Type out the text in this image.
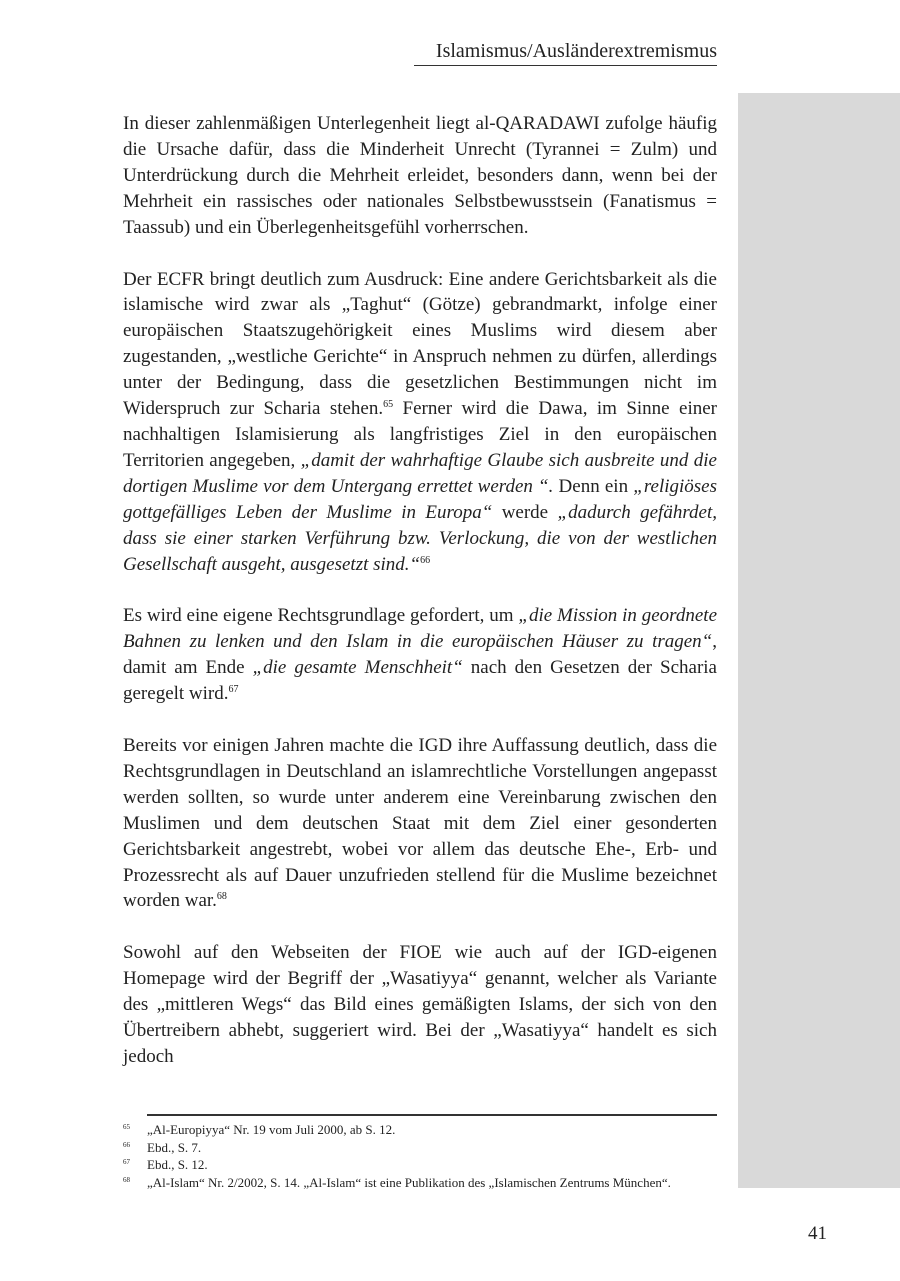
Islamismus/Ausländerextremismus

In dieser zahlenmäßigen Unterlegenheit liegt al-QARADAWI zufolge häufig die Ursache dafür, dass die Minderheit Unrecht (Tyrannei = Zulm) und Unterdrückung durch die Mehrheit erleidet, besonders dann, wenn bei der Mehrheit ein rassisches oder nationales Selbstbewusstsein (Fanatismus = Taassub) und ein Überlegenheitsgefühl vorherrschen.

Der ECFR bringt deutlich zum Ausdruck: Eine andere Gerichtsbarkeit als die islamische wird zwar als „Taghut“ (Götze) gebrandmarkt, infolge einer europäischen Staatszugehörigkeit eines Muslims wird diesem aber zugestanden, „westliche Gerichte“ in Anspruch nehmen zu dürfen, allerdings unter der Bedingung, dass die gesetzlichen Bestimmungen nicht im Widerspruch zur Scharia stehen.$^{65}$ Ferner wird die Dawa, im Sinne einer nachhaltigen Islamisierung als langfristiges Ziel in den europäischen Territorien angegeben, „damit der wahrhaftige Glaube sich ausbreite und die dortigen Muslime vor dem Untergang errettet werden “. Denn ein „religiöses gottgefälliges Leben der Muslime in Europa“ werde „dadurch gefährdet, dass sie einer starken Verführung bzw. Verlockung, die von der westlichen Gesellschaft ausgeht, ausgesetzt sind.“$^{66}$

Es wird eine eigene Rechtsgrundlage gefordert, um „die Mission in geordnete Bahnen zu lenken und den Islam in die europäischen Häuser zu tragen“, damit am Ende „die gesamte Menschheit“ nach den Gesetzen der Scharia geregelt wird.$^{67}$

Bereits vor einigen Jahren machte die IGD ihre Auffassung deutlich, dass die Rechtsgrundlagen in Deutschland an islamrechtliche Vorstellungen angepasst werden sollten, so wurde unter anderem eine Vereinbarung zwischen den Muslimen und dem deutschen Staat mit dem Ziel einer gesonderten Gerichtsbarkeit angestrebt, wobei vor allem das deutsche Ehe-, Erb- und Prozessrecht als auf Dauer unzufrieden stellend für die Muslime bezeichnet worden war.$^{68}$

Sowohl auf den Webseiten der FIOE wie auch auf der IGD-eigenen Homepage wird der Begriff der „Wasatiyya“ genannt, welcher als Variante des „mittleren Wegs“ das Bild eines gemäßigten Islams, der sich von den Übertreibern abhebt, suggeriert wird. Bei der „Wasatiyya“ handelt es sich jedoch

65	„Al-Europiyya“ Nr. 19 vom Juli 2000, ab S. 12.
66	Ebd., S. 7.
67	Ebd., S. 12.
68	„Al-Islam“ Nr. 2/2002, S. 14. „Al-Islam“ ist eine Publikation des „Islamischen Zentrums München“.
41
